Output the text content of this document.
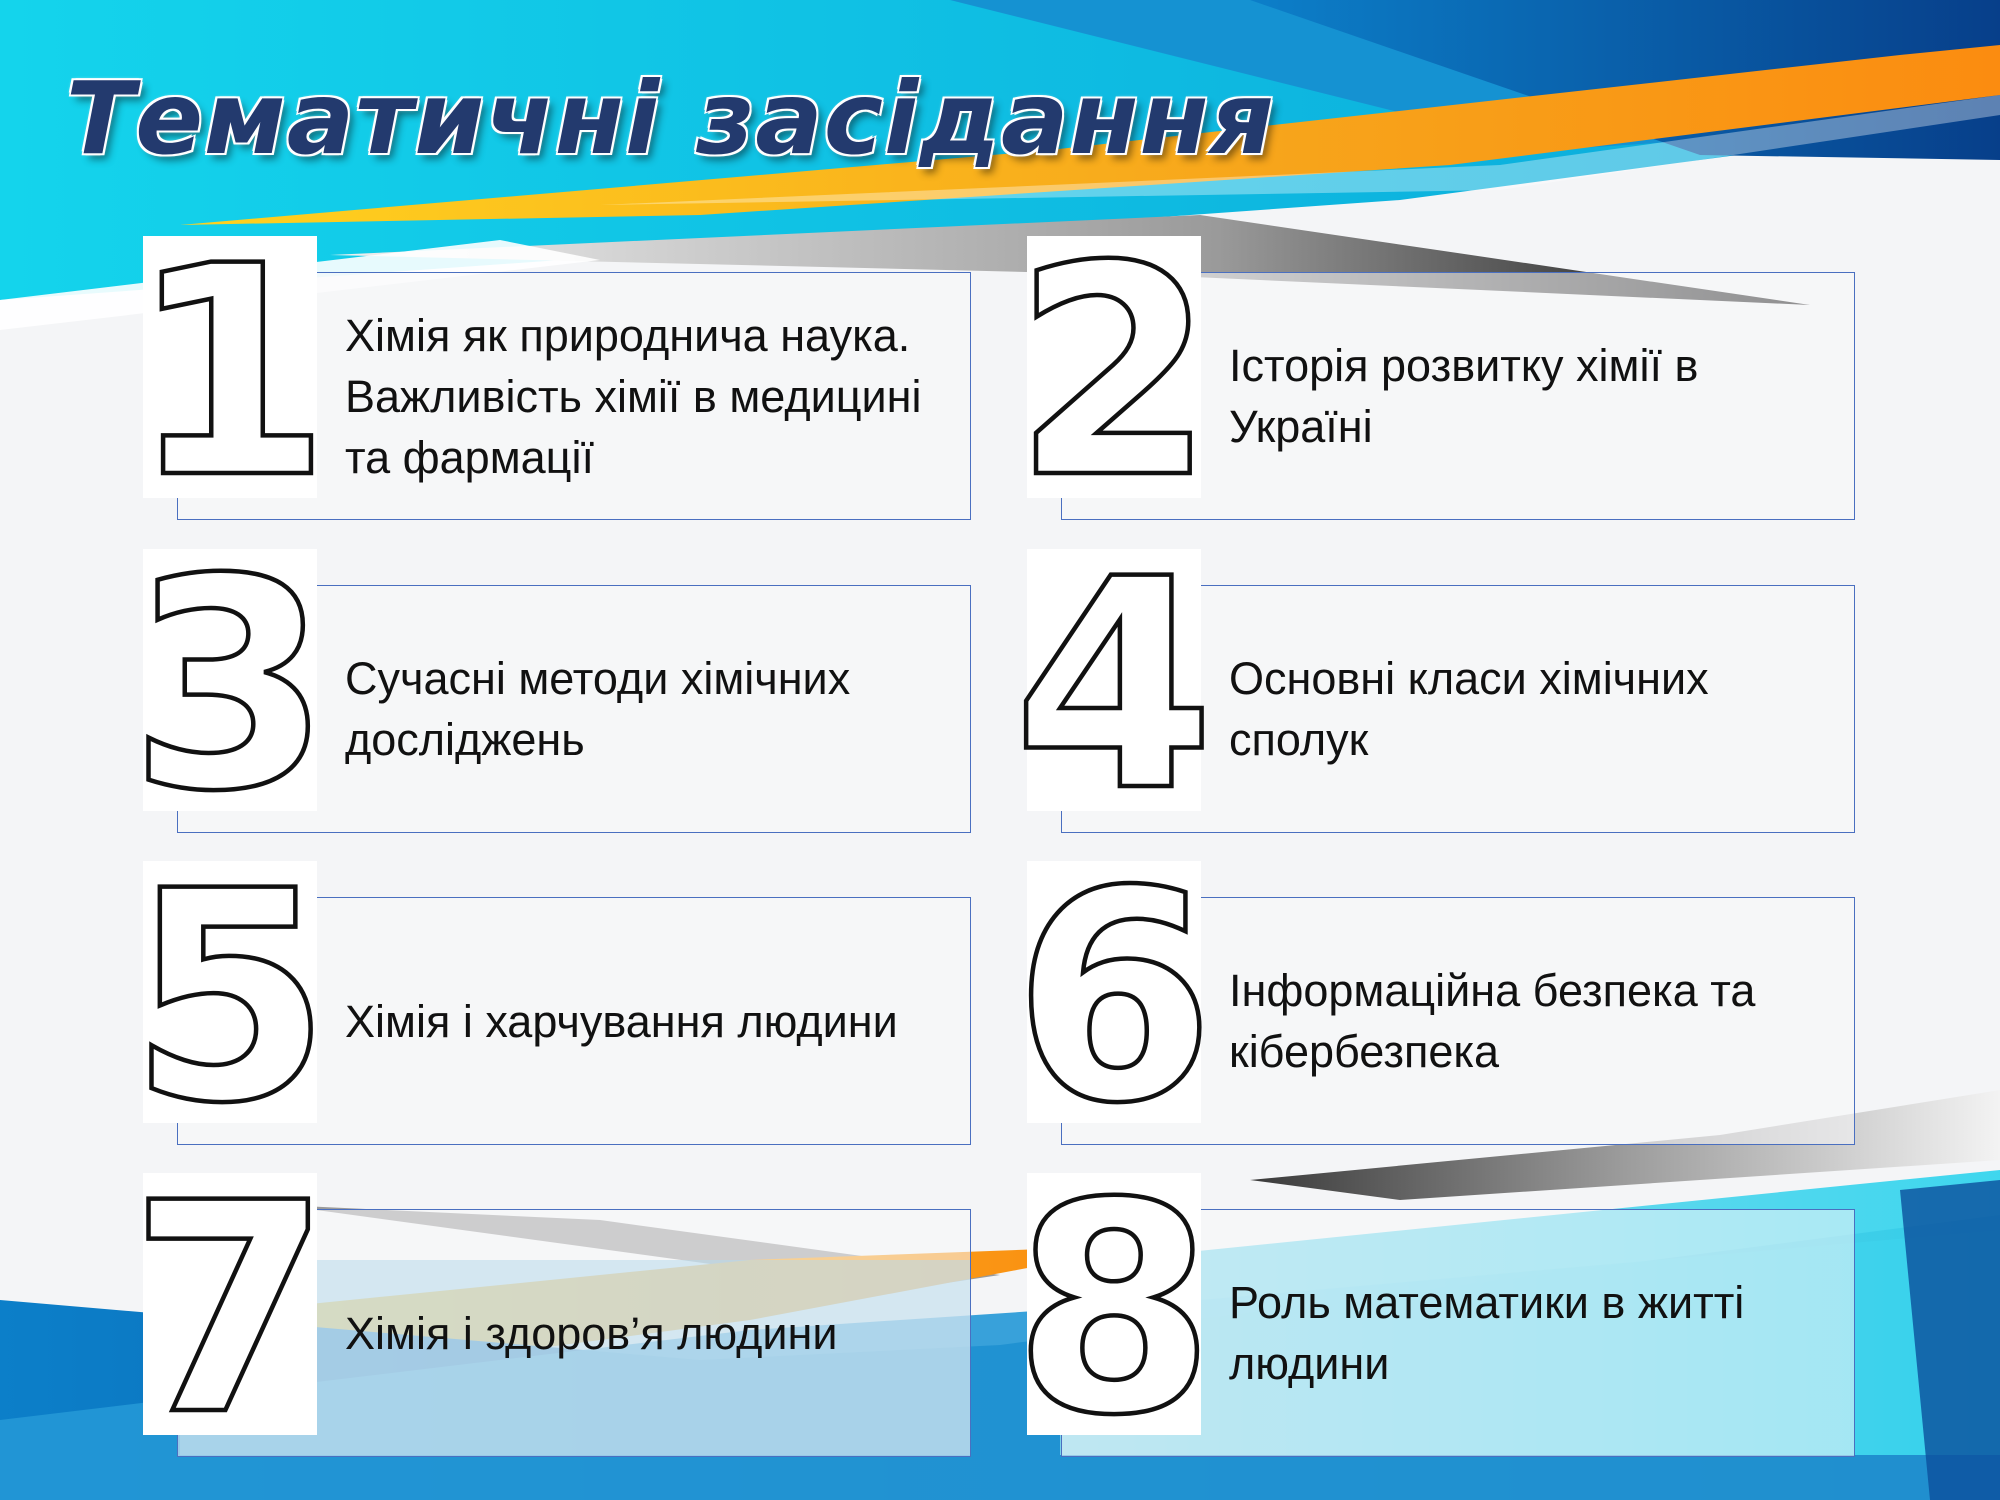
Тематичні засідання
1 Хімія як природнича наука. Важливість хімії в медицині та фармації	2 Історія розвитку хімії в Україні
3 Сучасні методи хімічних досліджень	4 Основні класи хімічних сполук
5 Хімія і харчування людини 6 Інформаційна безпека та кібербезпека
7 Хімія і здоров’я людини 8 Роль математики в житті людини
